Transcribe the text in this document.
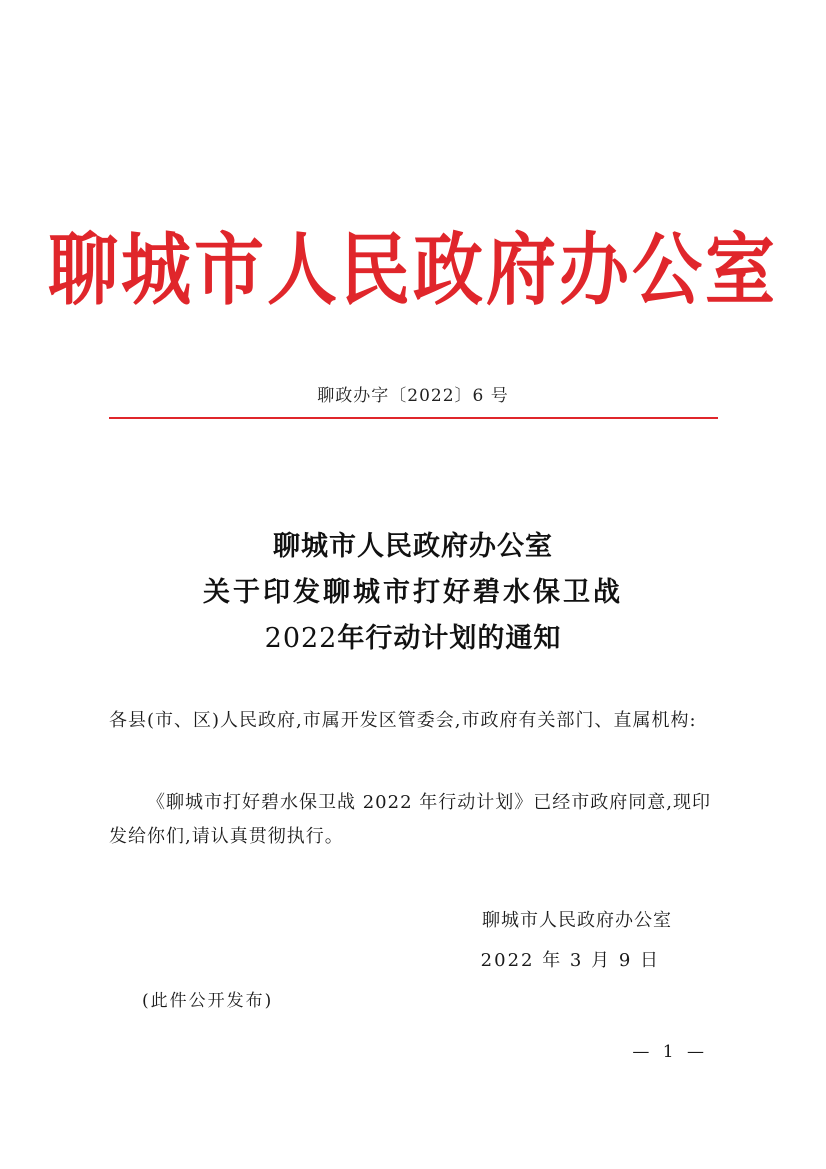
聊城市人民政府办公室
聊政办字〔2022〕6 号
聊城市人民政府办公室
关于印发聊城市打好碧水保卫战
2022年行动计划的通知
各县(市、区)人民政府,市属开发区管委会,市政府有关部门、直属机构:
《聊城市打好碧水保卫战 2022 年行动计划》已经市政府同意,现印发给你们,请认真贯彻执行。
聊城市人民政府办公室
2022 年 3 月 9 日
(此件公开发布)
— 1 —
